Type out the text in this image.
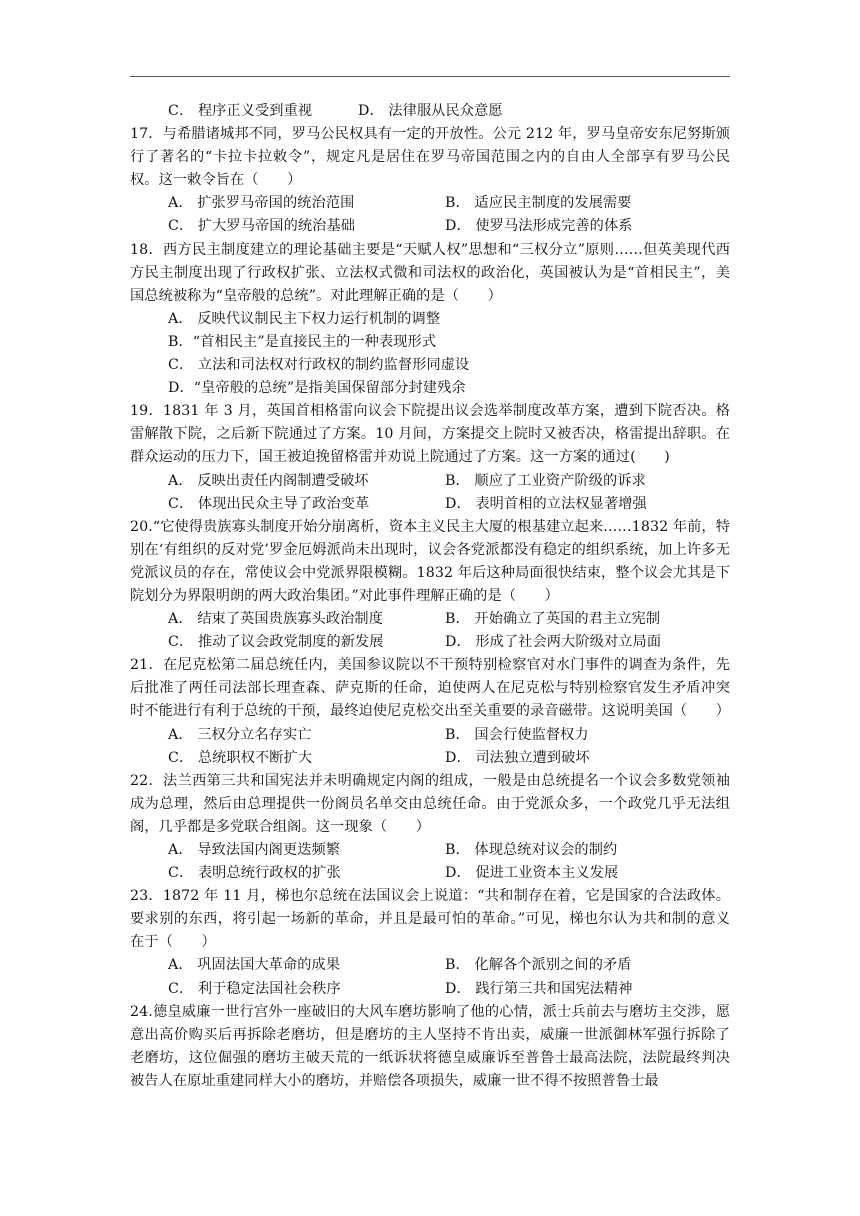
C． 程序正义受到重视	D． 法律服从民众意愿
17．与希腊诸城邦不同，罗马公民权具有一定的开放性。公元 212 年，罗马皇帝安东尼努斯颁行了著名的“卡拉卡拉敕令”，规定凡是居住在罗马帝国范围之内的自由人全部享有罗马公民权。这一敕令旨在（　　）
A． 扩张罗马帝国的统治范围	B． 适应民主制度的发展需要
C． 扩大罗马帝国的统治基础	D． 使罗马法形成完善的体系
18．西方民主制度建立的理论基础主要是“天赋人权”思想和“三权分立”原则……但英美现代西方民主制度出现了行政权扩张、立法权式微和司法权的政治化，英国被认为是“首相民主”，美国总统被称为“皇帝般的总统”。对此理解正确的是（　　）
A． 反映代议制民主下权力运行机制的调整
B．“首相民主”是直接民主的一种表现形式
C． 立法和司法权对行政权的制约监督形同虚设
D．“皇帝般的总统”是指美国保留部分封建残余
19．1831 年 3 月，英国首相格雷向议会下院提出议会选举制度改革方案，遭到下院否决。格雷解散下院，之后新下院通过了方案。10 月间，方案提交上院时又被否决，格雷提出辞职。在群众运动的压力下，国王被迫挽留格雷并劝说上院通过了方案。这一方案的通过(　　)
A． 反映出责任内阁制遭受破坏	B． 顺应了工业资产阶级的诉求
C． 体现出民众主导了政治变革	D． 表明首相的立法权显著增强
20.“它使得贵族寡头制度开始分崩离析，资本主义民主大厦的根基建立起来……1832 年前，特别在‘有组织的反对党’罗金厄姆派尚未出现时，议会各党派都没有稳定的组织系统，加上许多无党派议员的存在，常使议会中党派界限模糊。1832 年后这种局面很快结束，整个议会尤其是下院划分为界限明朗的两大政治集团。”对此事件理解正确的是（　　）
A． 结束了英国贵族寡头政治制度	B． 开始确立了英国的君主立宪制
C． 推动了议会政党制度的新发展	D． 形成了社会两大阶级对立局面
21．在尼克松第二届总统任内，美国参议院以不干预特别检察官对水门事件的调查为条件，先后批准了两任司法部长理查森、萨克斯的任命，迫使两人在尼克松与特别检察官发生矛盾冲突时不能进行有利于总统的干预，最终迫使尼克松交出至关重要的录音磁带。这说明美国（　　）
A． 三权分立名存实亡	B． 国会行使监督权力
C． 总统职权不断扩大	D． 司法独立遭到破坏
22．法兰西第三共和国宪法并未明确规定内阁的组成，一般是由总统提名一个议会多数党领袖成为总理，然后由总理提供一份阁员名单交由总统任命。由于党派众多，一个政党几乎无法组阁，几乎都是多党联合组阁。这一现象（　　）
A． 导致法国内阁更迭频繁	B． 体现总统对议会的制约
C． 表明总统行政权的扩张	D． 促进工业资本主义发展
23．1872 年 11 月，梯也尔总统在法国议会上说道：“共和制存在着，它是国家的合法政体。要求别的东西，将引起一场新的革命，并且是最可怕的革命。”可见，梯也尔认为共和制的意义在于（　　）
A． 巩固法国大革命的成果	B． 化解各个派别之间的矛盾
C． 利于稳定法国社会秩序	D． 践行第三共和国宪法精神
24.德皇威廉一世行宫外一座破旧的大风车磨坊影响了他的心情，派士兵前去与磨坊主交涉，愿意出高价购买后再拆除老磨坊，但是磨坊的主人坚持不肯出卖，威廉一世派御林军强行拆除了老磨坊，这位倔强的磨坊主破天荒的一纸诉状将德皇威廉诉至普鲁士最高法院，法院最终判决被告人在原址重建同样大小的磨坊，并赔偿各项损失，威廉一世不得不按照普鲁士最
